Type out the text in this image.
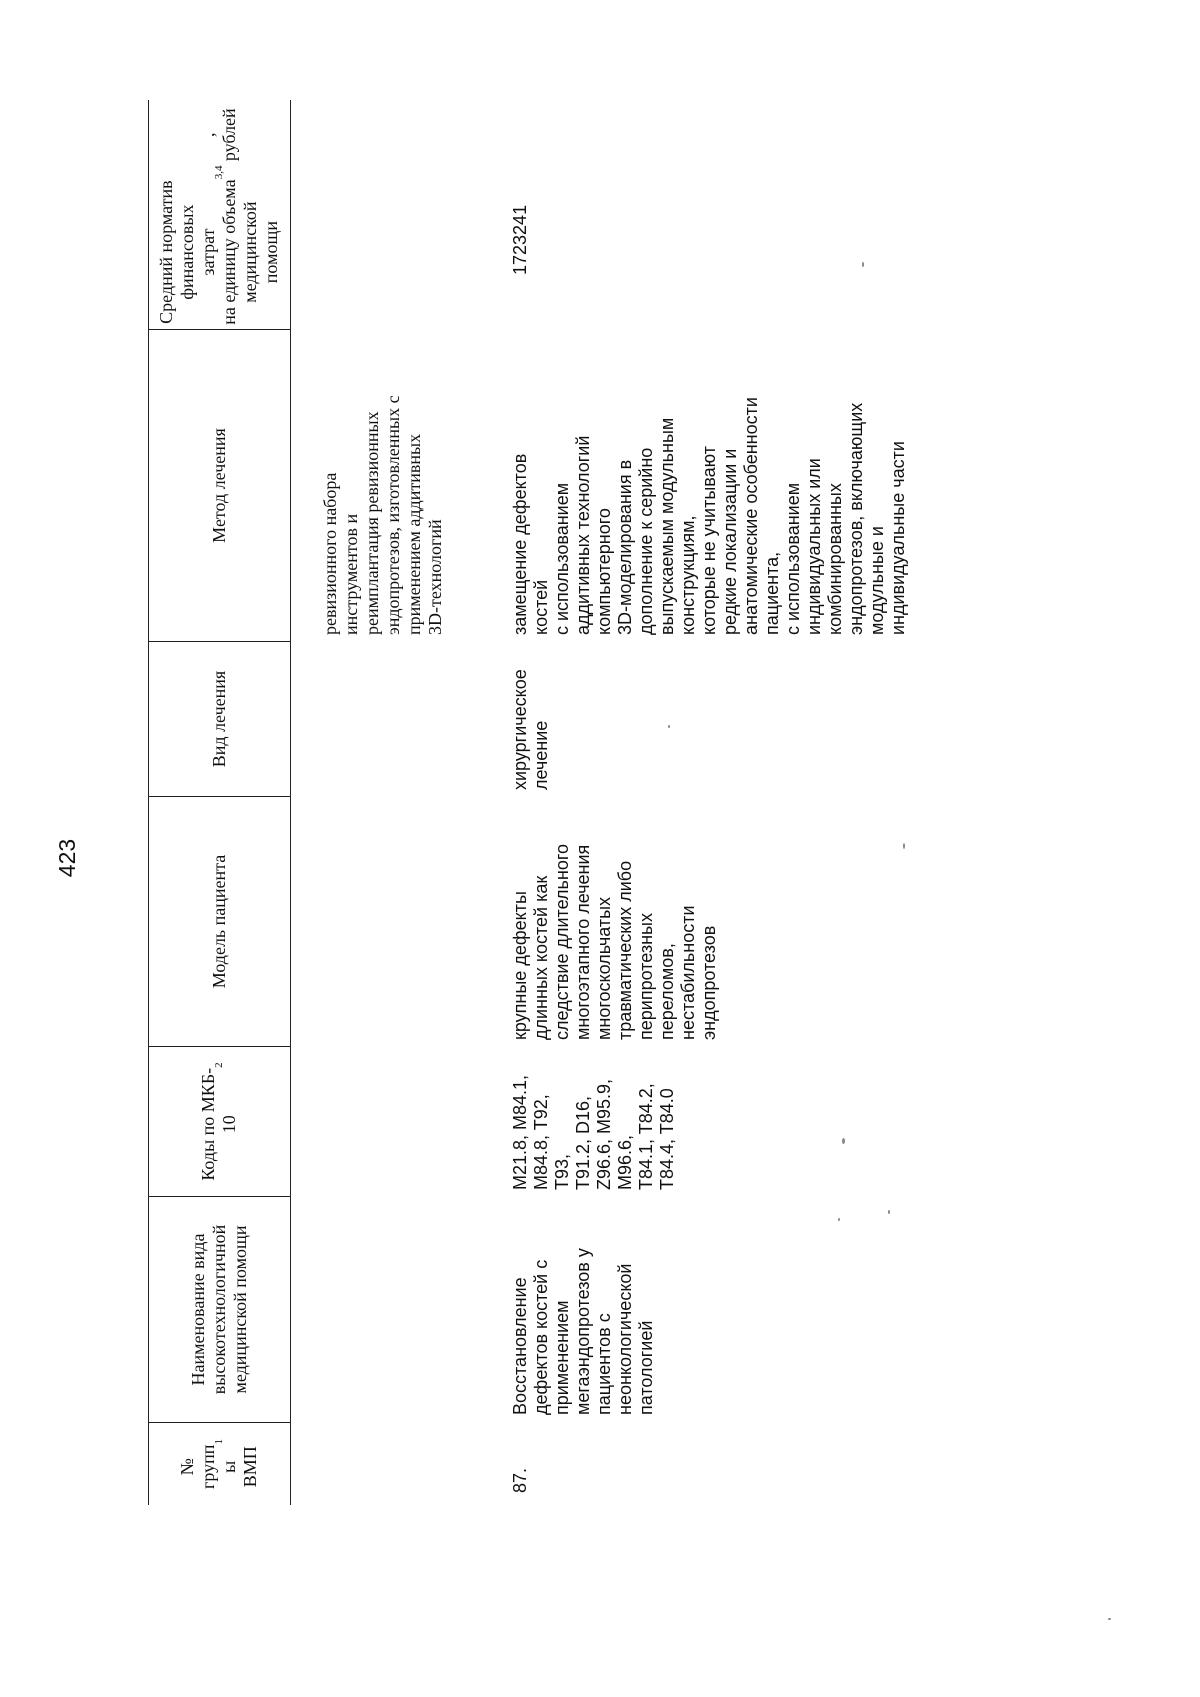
423
№
групп
ы
ВМП
1
Наименование вида
высокотехнологичной
медицинской помощи
Коды по МКБ-
10
2
Модель пациента
Вид лечения
Метод лечения
Средний норматив
финансовых затрат
на единицу объема
медицинской
помощи
3,4
, рублей
ревизионного набора
инструментов и
реимплантация ревизионных
эндопротезов, изготовленных с
применением аддитивных
3D-технологий
87.
Восстановление
дефектов костей с
применением
мегаэндопротезов у
пациентов с
неонкологической
патологией
M21.8, M84.1,
M84.8, T92,
T93,
T91.2, D16,
Z96.6, M95.9,
M96.6,
T84.1, T84.2,
T84.4, T84.0
крупные дефекты
длинных костей как
следствие длительного
многоэтапного лечения
многоскольчатых
травматических либо
перипротезных
переломов,
нестабильности
эндопротезов
хирургическое
лечение
замещение дефектов
костей
с использованием
аддитивных технологий
компьютерного
3D-моделирования в
дополнение к серийно
выпускаемым модульным
конструкциям,
которые не учитывают
редкие локализации и
анатомические особенности
пациента,
с использованием
индивидуальных или
комбинированных
эндопротезов, включающих
модульные и
индивидуальные части
1723241
